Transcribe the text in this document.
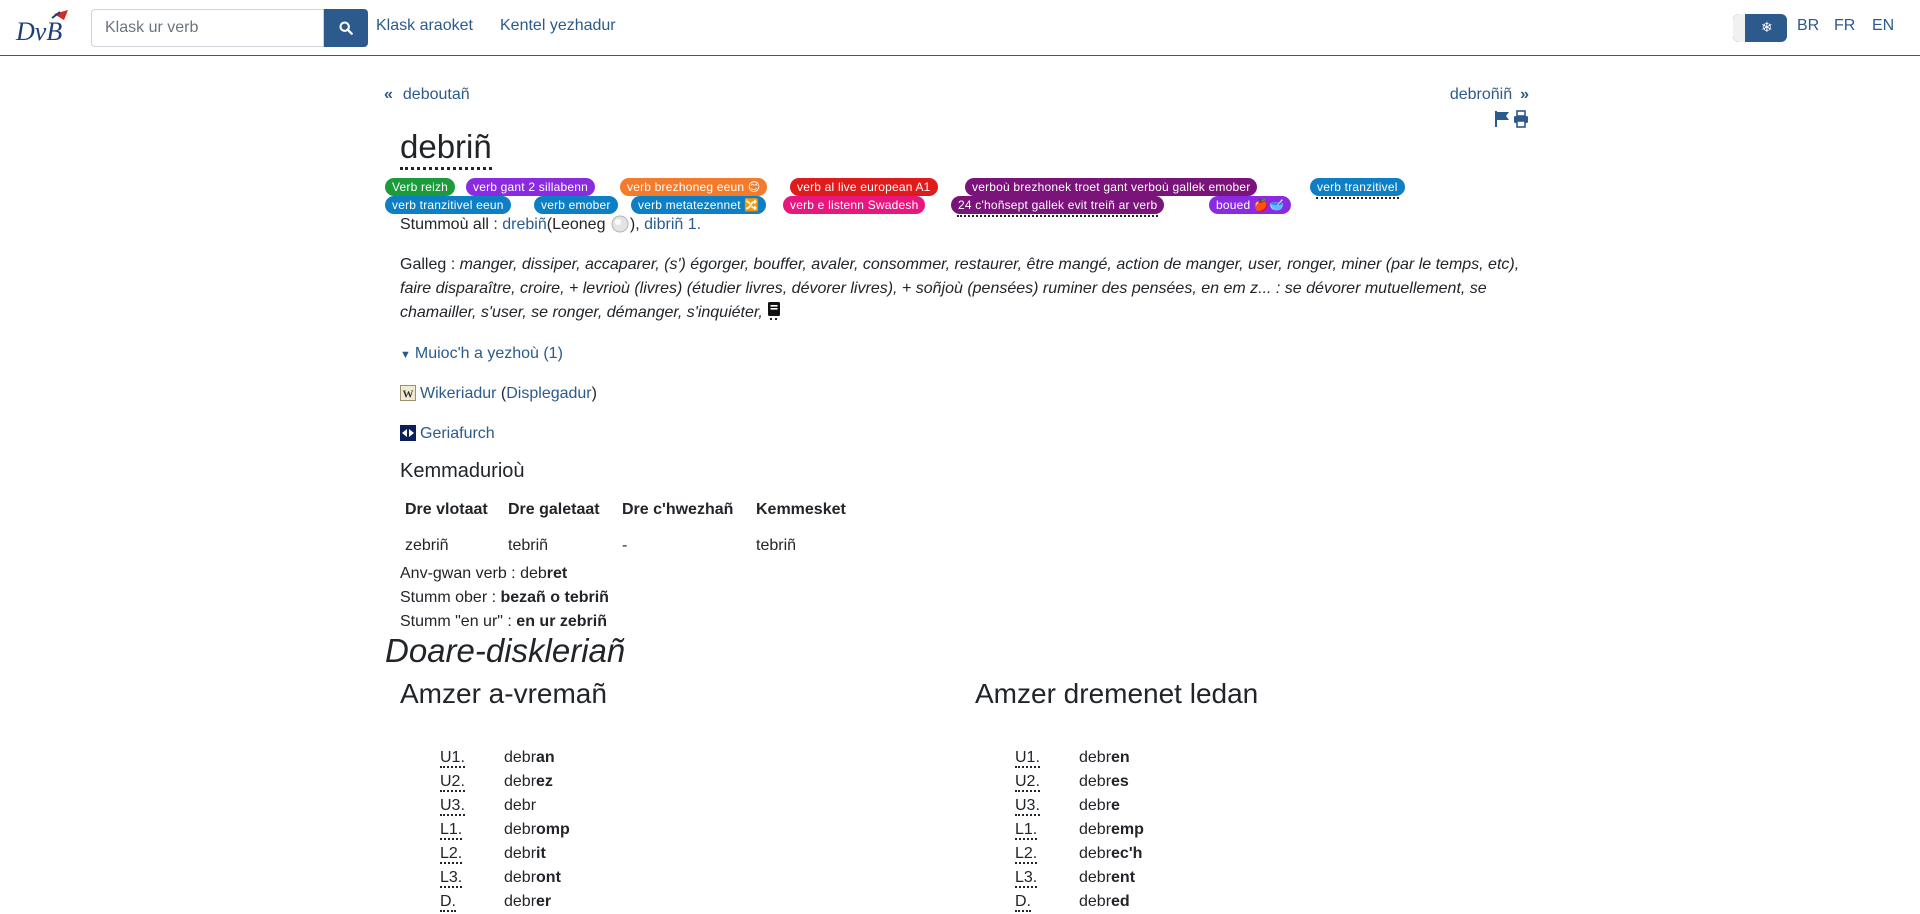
DvB
Klask ur verb	Klask araoket Kentel yezhadur	❄ BR FR EN
« deboutañ	debroñiñ »
debriñ
Verb reizh	verb gant 2 sillabenn	verb brezhoneg eeun 😊	verb al live european A1	verboù brezhonek troet gant verboù gallek emober	verb tranzitivel
verb tranzitivel eeun	verb emober	verb metatezennet 🔀	verb e listenn Swadesh	24 c'hoñsept gallek evit treiñ ar verb	boued 🍎🥣
Stummoù all : drebiñ(Leoneg ), dibriñ 1.
Galleg : manger, dissiper, accaparer, (s') égorger, bouffer, avaler, consommer, restaurer, être mangé, action de manger, user, ronger, miner (par le temps, etc), faire disparaître, croire, + levrioù (livres) (étudier livres, dévorer livres), + soñjoù (pensées) ruminer des pensées, en em z... : se dévorer mutuellement, se chamailler, s'user, se ronger, démanger, s'inquiéter,
▼ Muioc'h a yezhoù (1)
W Wikeriadur (Displegadur)
Geriafurch
Kemmadurioù
Dre vlotaat	Dre galetaat	Dre c'hwezhañ	Kemmesket
zebriñ	tebriñ	-	tebriñ
Anv-gwan verb : debret
Stumm ober : bezañ o tebriñ
Stumm "en ur" : en ur zebriñ
Doare-diskleriañ
Amzer a-vremañ	Amzer dremenet ledan
U1.	debran
U2.	debrez
U3.	debr
L1.	debromp
L2.	debrit
L3.	debront
D.	debrer
U1.	debren
U2.	debres
U3.	debre
L1.	debremp
L2.	debrec'h
L3.	debrent
D.	debred
